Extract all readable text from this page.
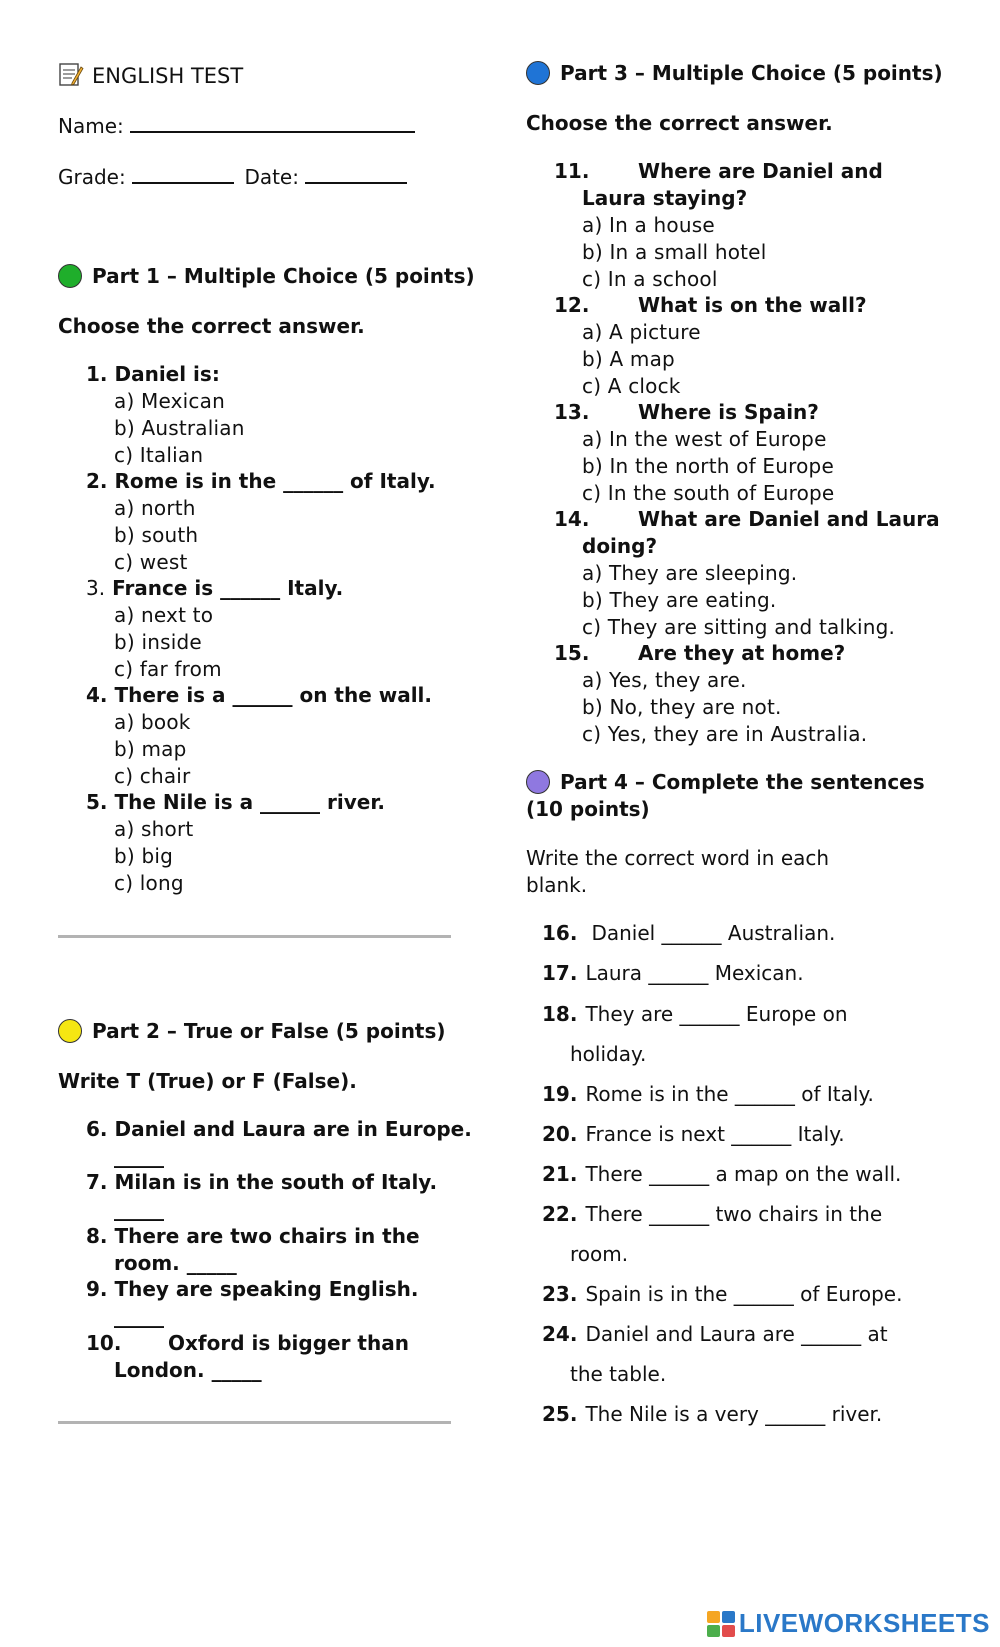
ENGLISH TEST
Name:
Grade:	Date:
Part 1 – Multiple Choice (5 points)
Choose the correct answer.
1. Daniel is:
a) Mexican
b) Australian
c) Italian
2. Rome is in the ______ of Italy.
a) north
b) south
c) west
3. France is ______ Italy.
a) next to
b) inside
c) far from
4. There is a ______ on the wall.
a) book
b) map
c) chair
5. The Nile is a ______ river.
a) short
b) big
c) long
Part 2 – True or False (5 points)
Write T (True) or F (False).
6. Daniel and Laura are in Europe.
_____
7. Milan is in the south of Italy.
_____
8. There are two chairs in the
room. _____
9. They are speaking English.
_____
10. Oxford is bigger than
London. _____
Part 3 – Multiple Choice (5 points)
Choose the correct answer.
11. Where are Daniel and
Laura staying?
a) In a house
b) In a small hotel
c) In a school
12. What is on the wall?
a) A picture
b) A map
c) A clock
13. Where is Spain?
a) In the west of Europe
b) In the north of Europe
c) In the south of Europe
14. What are Daniel and Laura
doing?
a) They are sleeping.
b) They are eating.
c) They are sitting and talking.
15. Are they at home?
a) Yes, they are.
b) No, they are not.
c) Yes, they are in Australia.
Part 4 – Complete the sentences
(10 points)
Write the correct word in each
blank.
16. Daniel ______ Australian.
17. Laura ______ Mexican.
18. They are ______ Europe on
holiday.
19. Rome is in the ______ of Italy.
20. France is next ______ Italy.
21. There ______ a map on the wall.
22. There ______ two chairs in the
room.
23. Spain is in the ______ of Europe.
24. Daniel and Laura are ______ at
the table.
25. The Nile is a very ______ river.
LIVEWORKSHEETS
